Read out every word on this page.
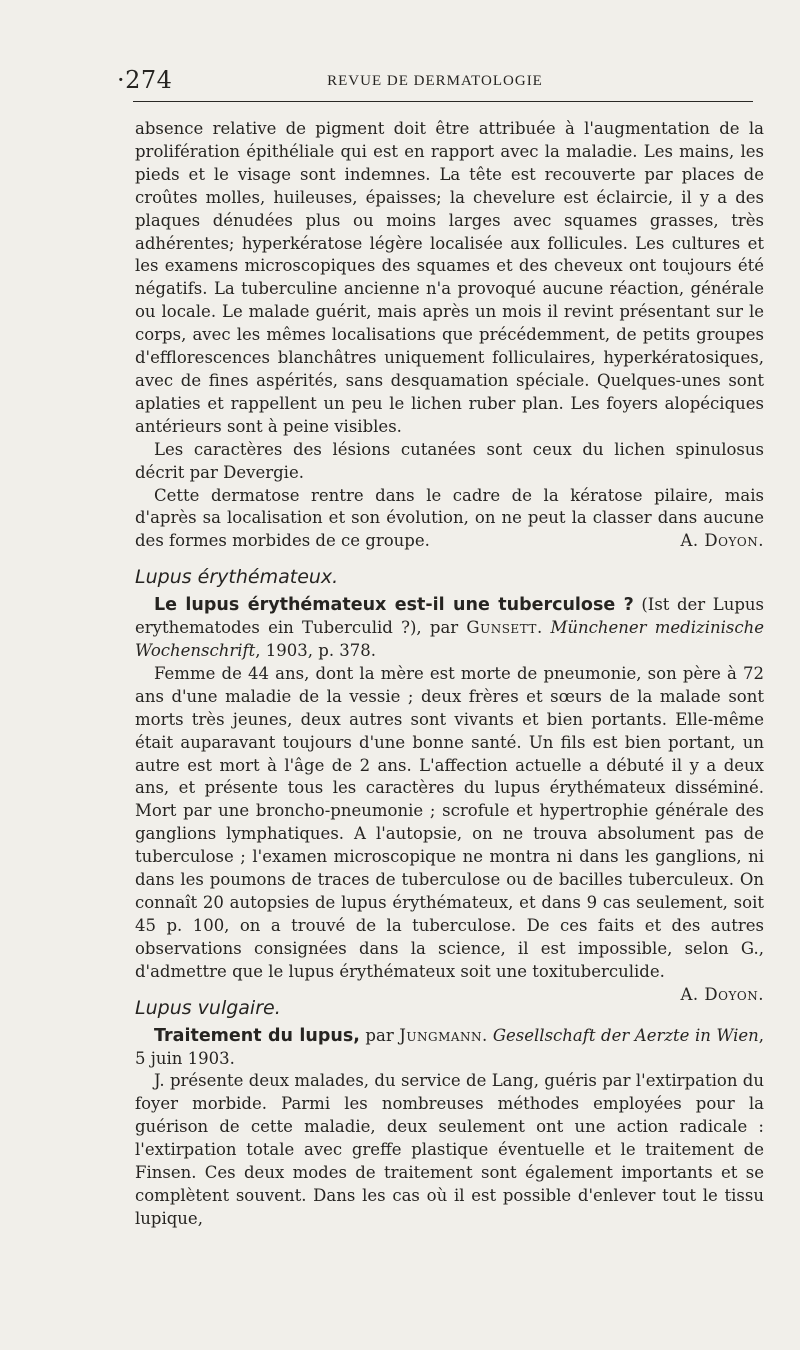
·274	REVUE DE DERMATOLOGIE

absence relative de pigment doit être attribuée à l'augmentation de la prolifération épithéliale qui est en rapport avec la maladie. Les mains, les pieds et le visage sont indemnes. La tête est recouverte par places de croûtes molles, huileuses, épaisses; la chevelure est éclaircie, il y a des plaques dénudées plus ou moins larges avec squames grasses, très adhérentes; hyperkératose légère localisée aux follicules. Les cultures et les examens microscopiques des squames et des cheveux ont toujours été négatifs. La tuberculine ancienne n'a provoqué aucune réaction, générale ou locale. Le malade guérit, mais après un mois il revint présentant sur le corps, avec les mêmes localisations que précédemment, de petits groupes d'efflorescences blanchâtres uniquement folliculaires, hyperkératosiques, avec de fines aspérités, sans desquamation spéciale. Quelques-unes sont aplaties et rappellent un peu le lichen ruber plan. Les foyers alopéciques antérieurs sont à peine visibles.

Les caractères des lésions cutanées sont ceux du lichen spinulosus décrit par Devergie.

Cette dermatose rentre dans le cadre de la kératose pilaire, mais d'après sa localisation et son évolution, on ne peut la classer dans aucune des formes morbides de ce groupe.	A. Doyon.

Lupus érythémateux.

Le lupus érythémateux est-il une tuberculose ? (Ist der Lupus erythematodes ein Tuberculid ?), par Gunsett. Münchener medizinische Wochenschrift, 1903, p. 378.

Femme de 44 ans, dont la mère est morte de pneumonie, son père à 72 ans d'une maladie de la vessie ; deux frères et sœurs de la malade sont morts très jeunes, deux autres sont vivants et bien portants. Elle-même était auparavant toujours d'une bonne santé. Un fils est bien portant, un autre est mort à l'âge de 2 ans. L'affection actuelle a débuté il y a deux ans, et présente tous les caractères du lupus érythémateux disséminé. Mort par une broncho-pneumonie ; scrofule et hypertrophie générale des ganglions lymphatiques. A l'autopsie, on ne trouva absolument pas de tuberculose ; l'examen microscopique ne montra ni dans les ganglions, ni dans les poumons de traces de tuberculose ou de bacilles tuberculeux. On connaît 20 autopsies de lupus érythémateux, et dans 9 cas seulement, soit 45 p. 100, on a trouvé de la tuberculose. De ces faits et des autres observations consignées dans la science, il est impossible, selon G., d'admettre que le lupus érythémateux soit une toxituberculide.
A. Doyon.

Lupus vulgaire.

Traitement du lupus, par Jungmann. Gesellschaft der Aerzte in Wien, 5 juin 1903.

J. présente deux malades, du service de Lang, guéris par l'extirpation du foyer morbide. Parmi les nombreuses méthodes employées pour la guérison de cette maladie, deux seulement ont une action radicale : l'extirpation totale avec greffe plastique éventuelle et le traitement de Finsen. Ces deux modes de traitement sont également importants et se complètent souvent. Dans les cas où il est possible d'enlever tout le tissu lupique,
